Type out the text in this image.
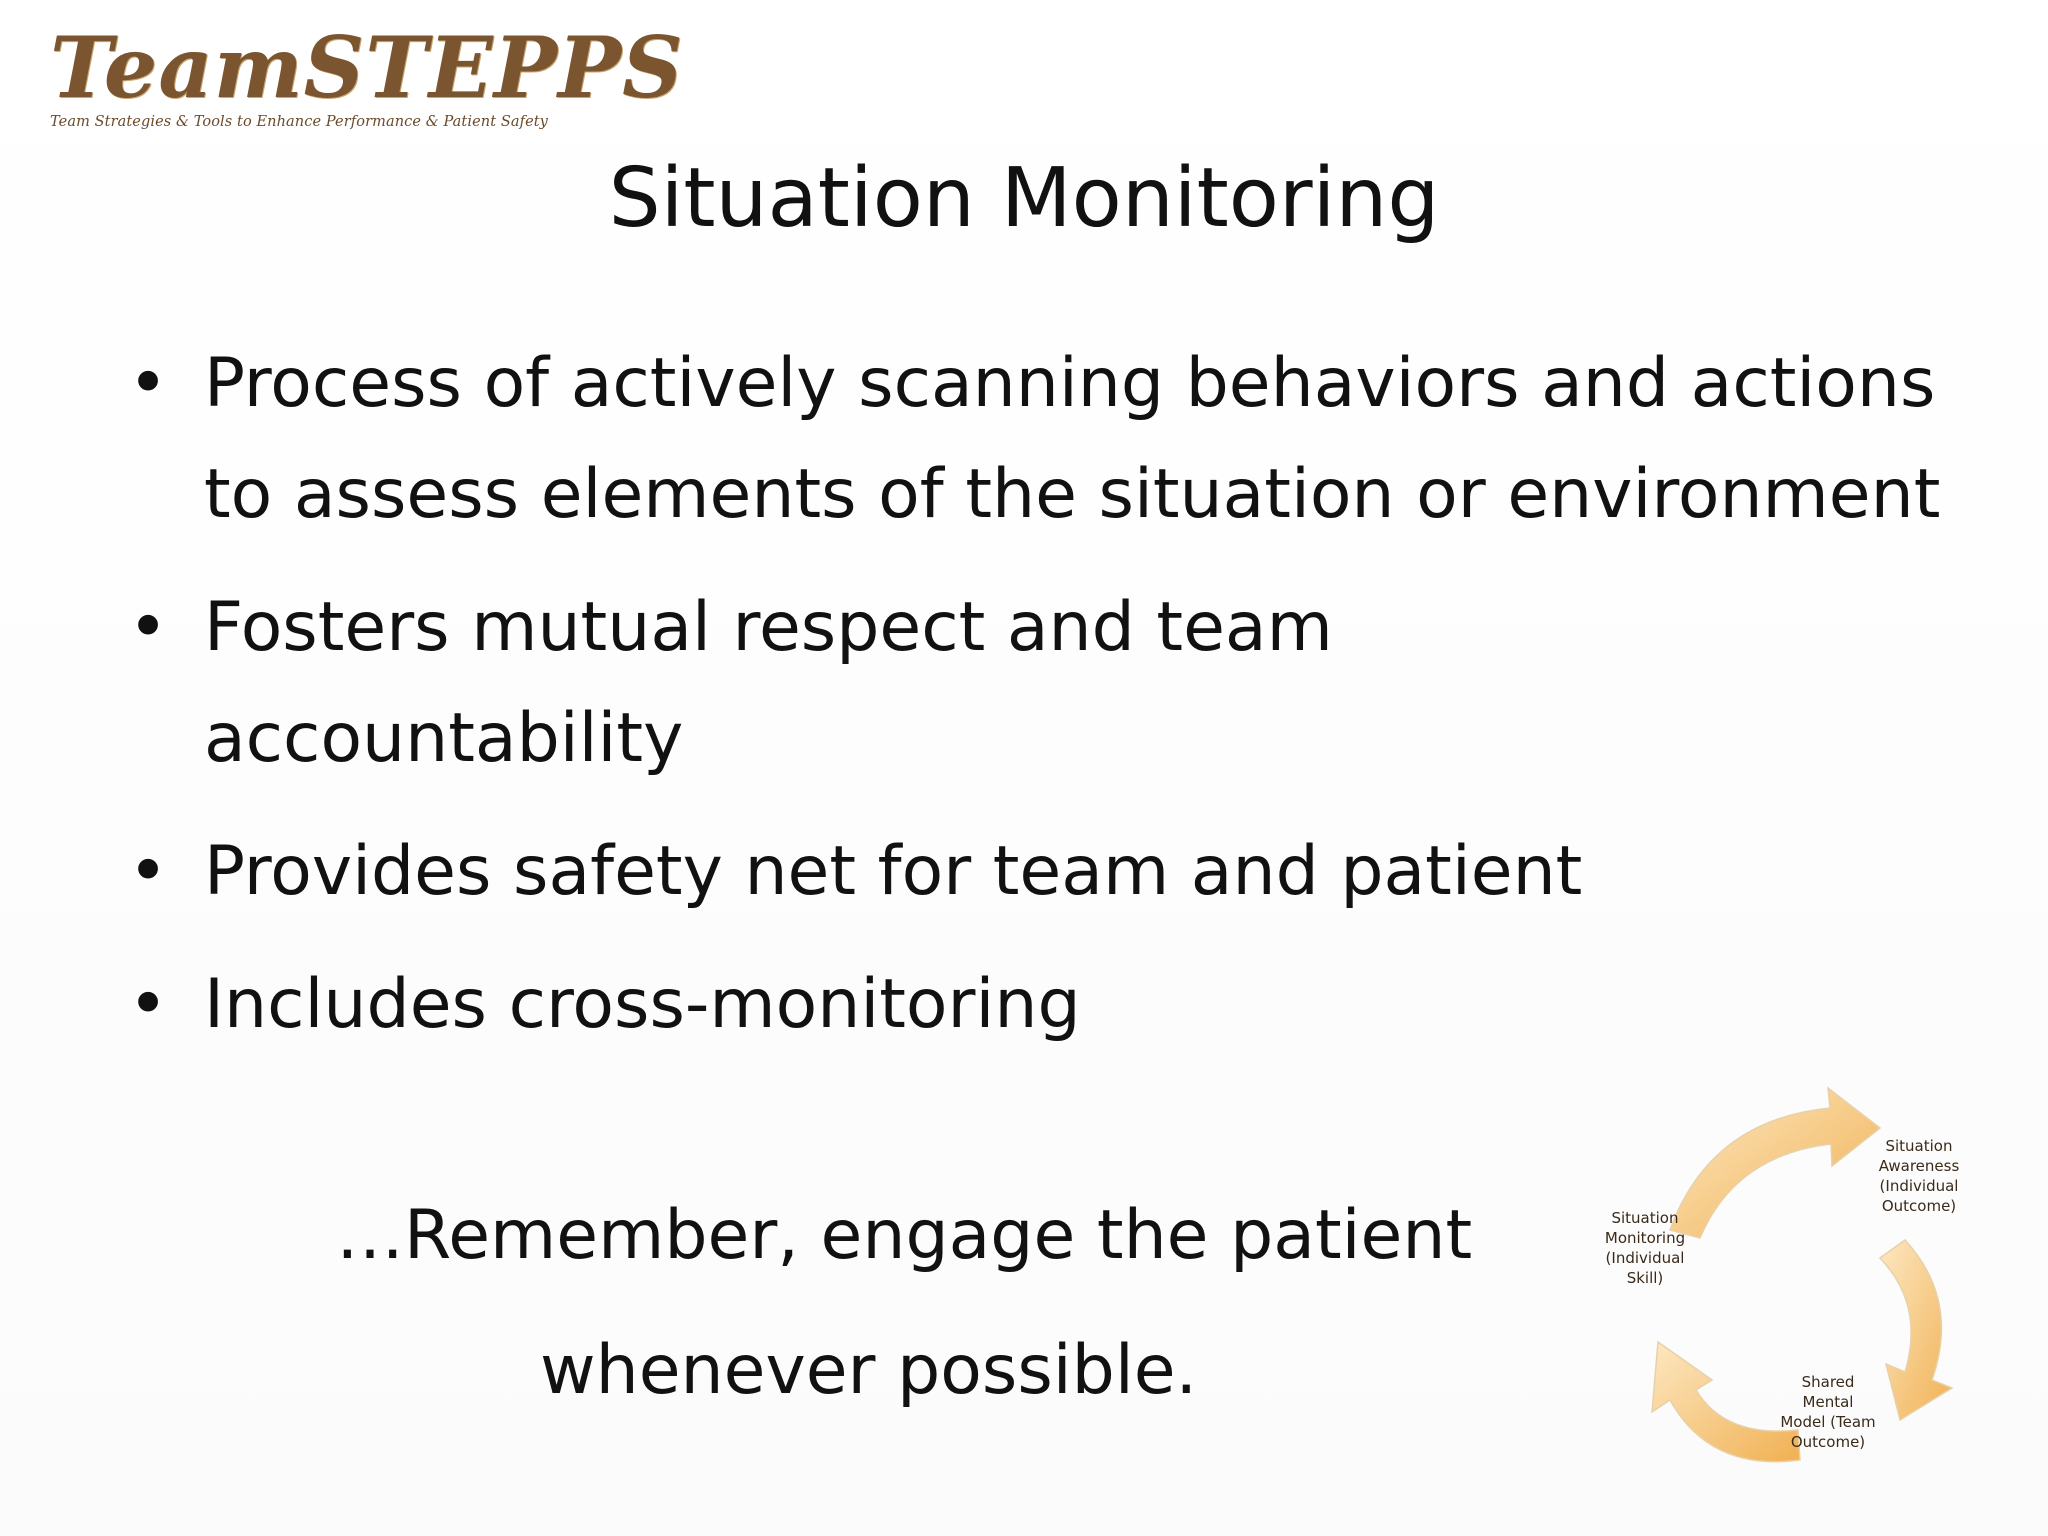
TeamSTEPPS
Team Strategies & Tools to Enhance Performance & Patient Safety
Situation Monitoring
• Process of actively scanning behaviors and actions to assess elements of the situation or environment
• Fosters mutual respect and team accountability
• Provides safety net for team and patient
• Includes cross-monitoring
…Remember, engage the patient
whenever possible.
Situation Monitoring (Individual Skill)
Situation Awareness (Individual Outcome)
Shared Mental Model (Team Outcome)
